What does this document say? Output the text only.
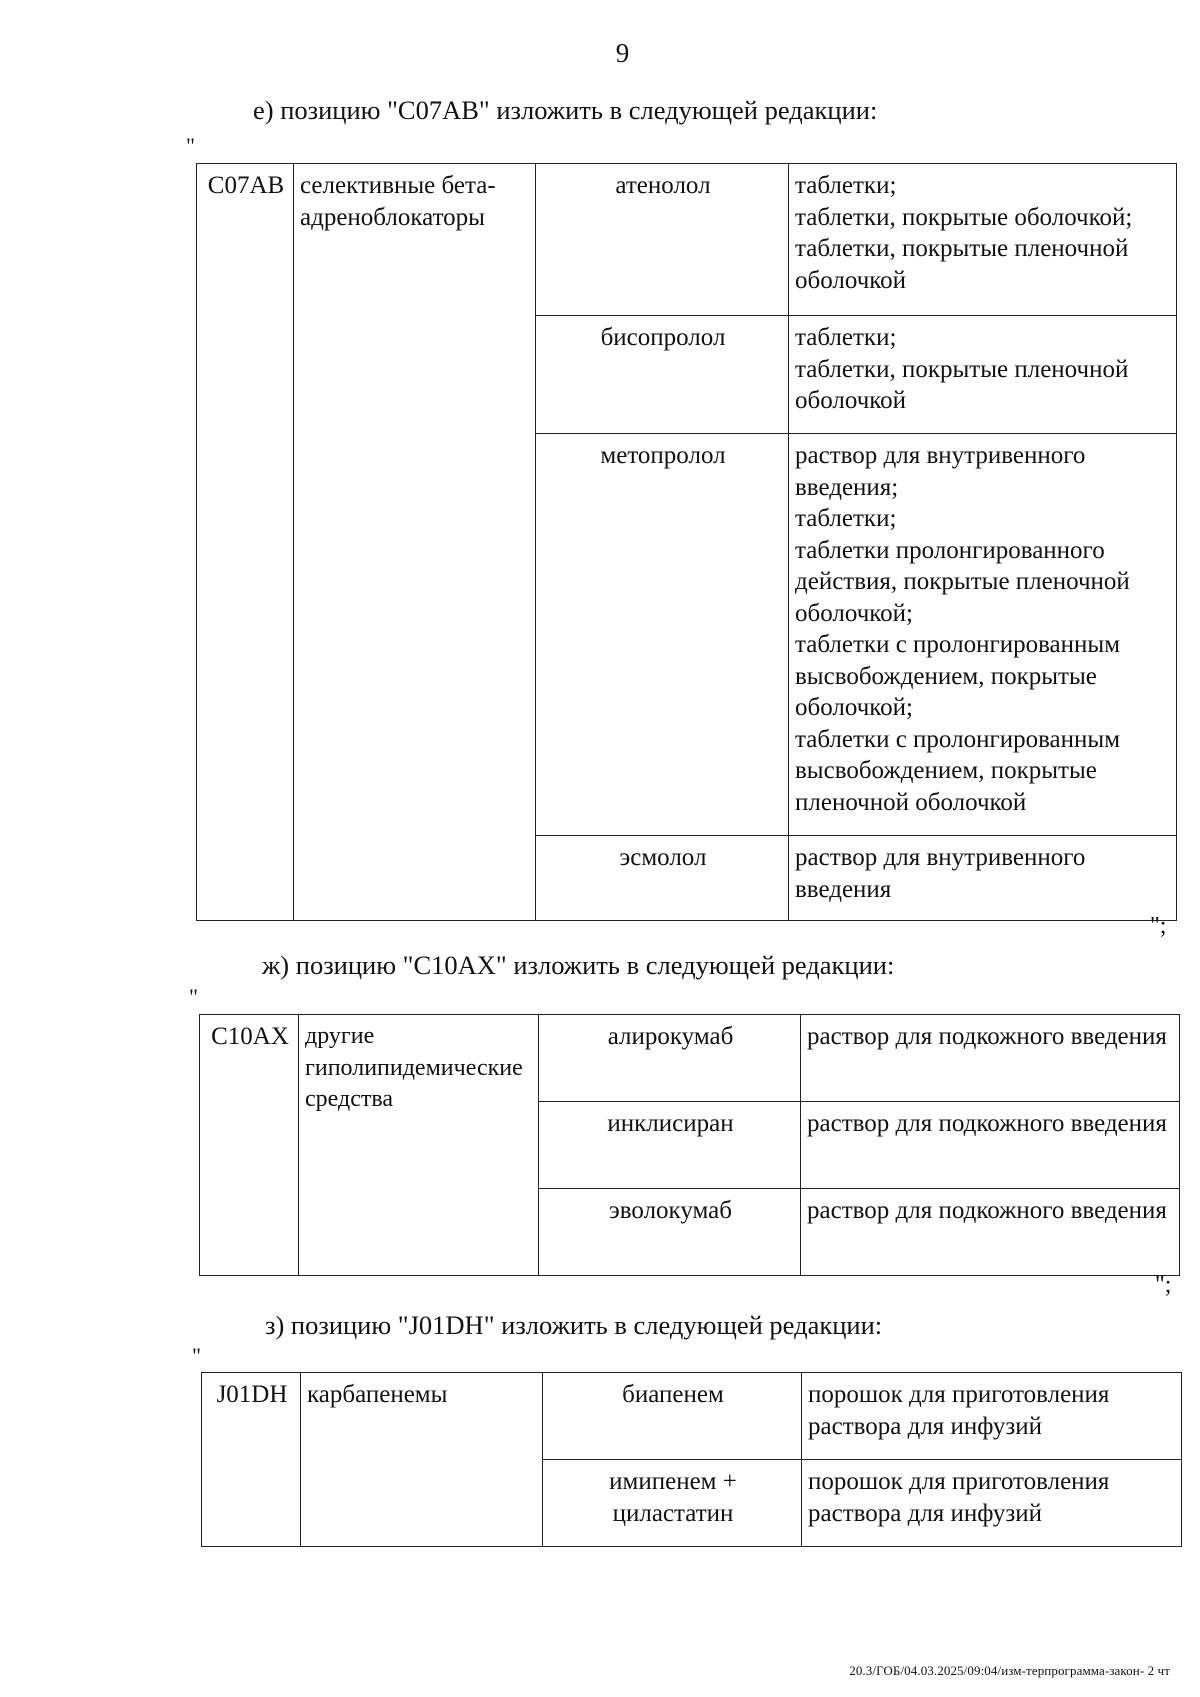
9
е) позицию "C07AB" изложить в следующей редакции:
"
C07AB	селективные бета-адреноблокаторы	атенолол	таблетки;
таблетки, покрытые оболочкой;
таблетки, покрытые пленочной оболочкой

		бисопролол	таблетки;
таблетки, покрытые пленочной оболочкой

		метопролол	раствор для внутривенного введения;
таблетки;
таблетки пролонгированного действия, покрытые пленочной оболочкой;
таблетки с пролонгированным высвобождением, покрытые оболочкой;
таблетки с пролонгированным высвобождением, покрытые пленочной оболочкой

		эсмолол	раствор для внутривенного введения
";
ж) позицию "C10AX" изложить в следующей редакции:
"
C10AX	другие гиполипидемические средства	алирокумаб	раствор для подкожного введения

		инклисиран	раствор для подкожного введения

		эволокумаб	раствор для подкожного введения
";
з) позицию "J01DH" изложить в следующей редакции:
"
J01DH	карбапенемы	биапенем	порошок для приготовления раствора для инфузий

		имипенем + циластатин	порошок для приготовления раствора для инфузий
20.3/ГОБ/04.03.2025/09:04/изм-терпрограмма-закон- 2 чт
